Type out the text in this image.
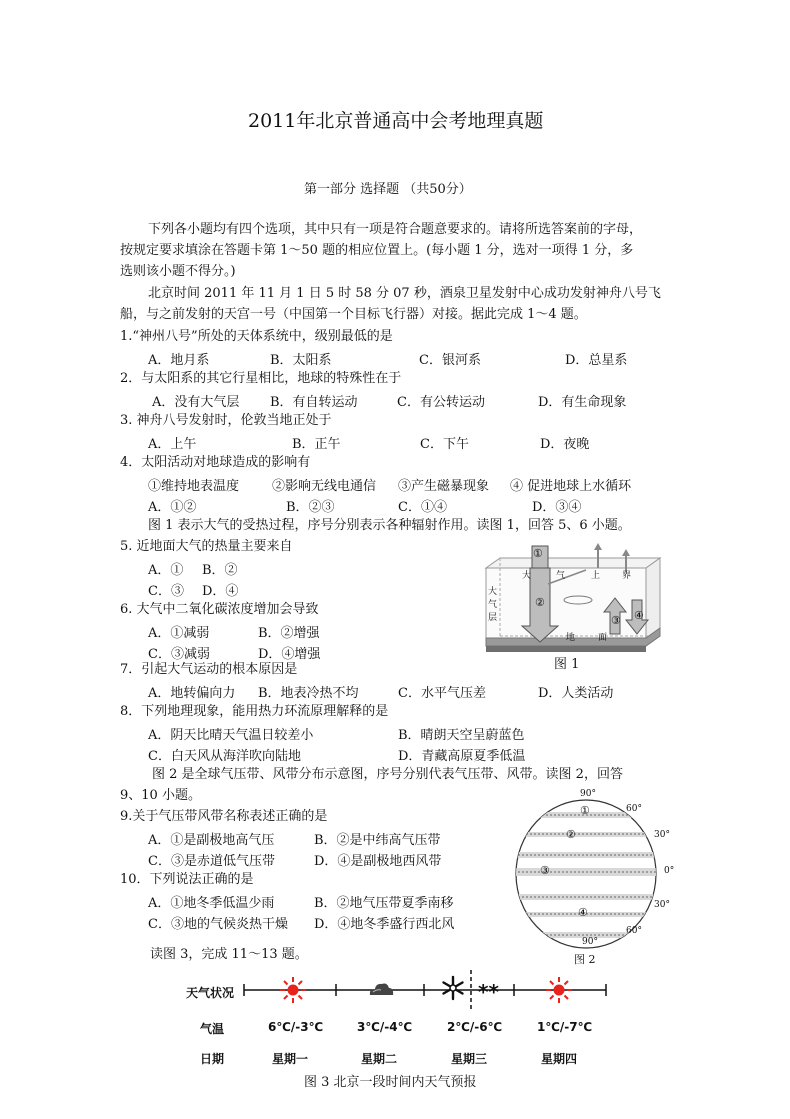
2011年北京普通高中会考地理真题
第一部分 选择题 （共50分）
下列各小题均有四个选项，其中只有一项是符合题意要求的。请将所选答案前的字母，
按规定要求填涂在答题卡第 1～50 题的相应位置上。(每小题 1 分，选对一项得 1 分，多
选则该小题不得分。)
北京时间 2011 年 11 月 1 日 5 时 58 分 07 秒，酒泉卫星发射中心成功发射神舟八号飞
船，与之前发射的天宫一号（中国第一个目标飞行器）对接。据此完成 1～4 题。
1.“神州八号”所处的天体系统中，级别最低的是
A．地月系	B．太阳系	C．银河系	D．总星系
2．与太阳系的其它行星相比，地球的特殊性在于
A．没有大气层 B．有自转运动	C．有公转运动	D．有生命现象
3. 神舟八号发射时，伦敦当地正处于
A．上午	B．正午	C．下午	D．夜晚
4．太阳活动对地球造成的影响有
①维持地表温度	②影响无线电通信 ③产生磁暴现象 ④ 促进地球上水循环
A．①②	B．②③	C．①④	D．③④
图 1 表示大气的受热过程，序号分别表示各种辐射作用。读图 1，回答 5、6 小题。
5. 近地面大气的热量主要来自
A．① B．②
C．③ D．④
6. 大气中二氧化碳浓度增加会导致
A．①减弱	B．②增强
C．③减弱	D．④增强
①
②
③ ④
大
气
层
大	气	上 界
地	面
图 1
7．引起大气运动的根本原因是
A．地转偏向力 B．地表冷热不均	C．水平气压差	D．人类活动
8．下列地理现象，能用热力环流原理解释的是
A．阴天比晴天气温日较差小	B．晴朗天空呈蔚蓝色
C．白天风从海洋吹向陆地	D．青藏高原夏季低温
图 2 是全球气压带、风带分布示意图，序号分别代表气压带、风带。读图 2，回答
9、10 小题。
9.关于气压带风带名称表述正确的是
A．①是副极地高气压	B．②是中纬高气压带
C．③是赤道低气压带	D．④是副极地西风带
10．下列说法正确的是
A．①地冬季低温少雨	B．②地气压带夏季南移
C．③地的气候炎热干燥 D．④地冬季盛行西北风
90°
60°
30°
0°
30°
60°
90°
①
②
③
④
图 2
读图 3，完成 11～13 题。
天气状况
气温
日期
**
6℃/-3℃	3℃/-4℃	2℃/-6℃	1℃/-7℃
星期一	星期二	星期三	星期四
图 3 北京一段时间内天气预报
